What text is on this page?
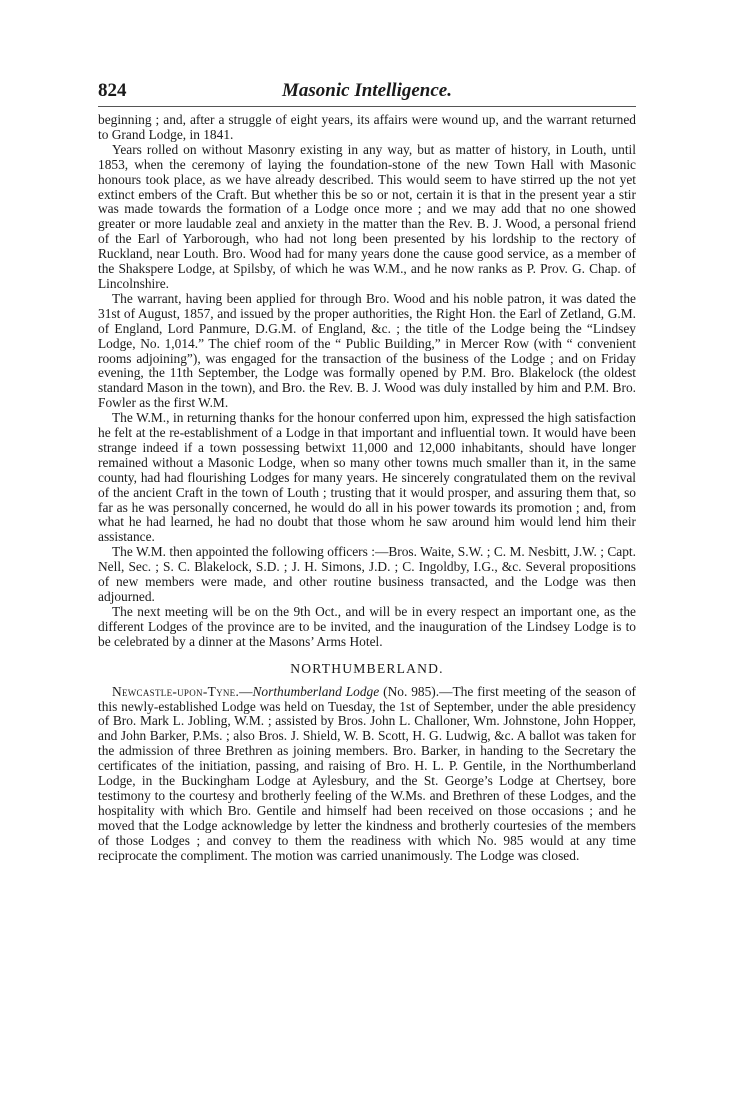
824	Masonic Intelligence.

beginning ; and, after a struggle of eight years, its affairs were wound up, and the warrant returned to Grand Lodge, in 1841.

Years rolled on without Masonry existing in any way, but as matter of history, in Louth, until 1853, when the ceremony of laying the foundation-stone of the new Town Hall with Masonic honours took place, as we have already described. This would seem to have stirred up the not yet extinct embers of the Craft. But whether this be so or not, certain it is that in the present year a stir was made towards the formation of a Lodge once more ; and we may add that no one showed greater or more laudable zeal and anxiety in the matter than the Rev. B. J. Wood, a personal friend of the Earl of Yarborough, who had not long been presented by his lordship to the rectory of Ruckland, near Louth. Bro. Wood had for many years done the cause good service, as a member of the Shakspere Lodge, at Spilsby, of which he was W.M., and he now ranks as P. Prov. G. Chap. of Lincolnshire.

The warrant, having been applied for through Bro. Wood and his noble patron, it was dated the 31st of August, 1857, and issued by the proper authorities, the Right Hon. the Earl of Zetland, G.M. of England, Lord Panmure, D.G.M. of England, &c. ; the title of the Lodge being the “Lindsey Lodge, No. 1,014.” The chief room of the “ Public Building,” in Mercer Row (with “ convenient rooms adjoining”), was engaged for the transaction of the business of the Lodge ; and on Friday evening, the 11th September, the Lodge was formally opened by P.M. Bro. Blakelock (the oldest standard Mason in the town), and Bro. the Rev. B. J. Wood was duly installed by him and P.M. Bro. Fowler as the first W.M.

The W.M., in returning thanks for the honour conferred upon him, expressed the high satisfaction he felt at the re-establishment of a Lodge in that important and influential town. It would have been strange indeed if a town possessing betwixt 11,000 and 12,000 inhabitants, should have longer remained without a Masonic Lodge, when so many other towns much smaller than it, in the same county, had had flourishing Lodges for many years. He sincerely congratulated them on the revival of the ancient Craft in the town of Louth ; trusting that it would prosper, and assuring them that, so far as he was personally concerned, he would do all in his power towards its promotion ; and, from what he had learned, he had no doubt that those whom he saw around him would lend him their assistance.

The W.M. then appointed the following officers :—Bros. Waite, S.W. ; C. M. Nesbitt, J.W. ; Capt. Nell, Sec. ; S. C. Blakelock, S.D. ; J. H. Simons, J.D. ; C. Ingoldby, I.G., &c. Several propositions of new members were made, and other routine business transacted, and the Lodge was then adjourned.

The next meeting will be on the 9th Oct., and will be in every respect an important one, as the different Lodges of the province are to be invited, and the inauguration of the Lindsey Lodge is to be celebrated by a dinner at the Masons’ Arms Hotel.

NORTHUMBERLAND.

Newcastle-upon-Tyne.—Northumberland Lodge (No. 985).—The first meeting of the season of this newly-established Lodge was held on Tuesday, the 1st of September, under the able presidency of Bro. Mark L. Jobling, W.M. ; assisted by Bros. John L. Challoner, Wm. Johnstone, John Hopper, and John Barker, P.Ms. ; also Bros. J. Shield, W. B. Scott, H. G. Ludwig, &c. A ballot was taken for the admission of three Brethren as joining members. Bro. Barker, in handing to the Secretary the certificates of the initiation, passing, and raising of Bro. H. L. P. Gentile, in the Northumberland Lodge, in the Buckingham Lodge at Aylesbury, and the St. George’s Lodge at Chertsey, bore testimony to the courtesy and brotherly feeling of the W.Ms. and Brethren of these Lodges, and the hospitality with which Bro. Gentile and himself had been received on those occasions ; and he moved that the Lodge acknowledge by letter the kindness and brotherly courtesies of the members of those Lodges ; and convey to them the readiness with which No. 985 would at any time reciprocate the compliment. The motion was carried unanimously. The Lodge was closed.
